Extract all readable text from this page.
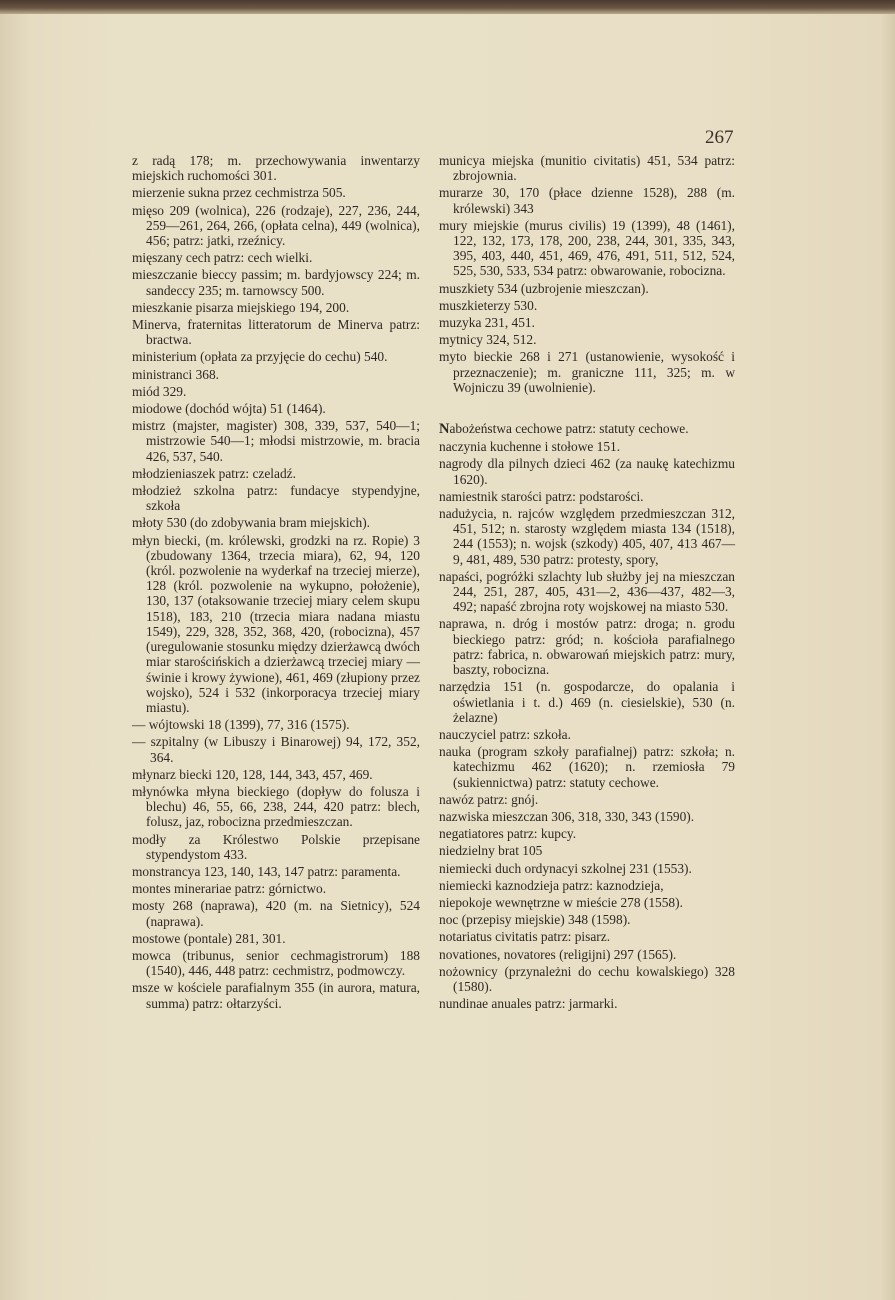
267
z radą 178; m. przechowywania inwentarzy miejskich ruchomości 301.
mierzenie sukna przez cechmistrza 505.
mięso 209 (wolnica), 226 (rodzaje), 227, 236, 244, 259—261, 264, 266, (opłata celna), 449 (wolnica), 456; patrz: jatki, rzeźnicy.
mięszany cech patrz: cech wielki.
mieszczanie bieccy passim; m. bardyjowscy 224; m. sandeccy 235; m. tarnowscy 500.
mieszkanie pisarza miejskiego 194, 200.
Minerva, fraternitas litteratorum de Minerva patrz: bractwa.
ministerium (opłata za przyjęcie do cechu) 540.
ministranci 368.
miód 329.
miodowe (dochód wójta) 51 (1464).
mistrz (majster, magister) 308, 339, 537, 540—1; mistrzowie 540—1; młodsi mistrzowie, m. bracia 426, 537, 540.
młodzieniaszek patrz: czeladź.
młodzież szkolna patrz: fundacye stypendyjne, szkoła
młoty 530 (do zdobywania bram miejskich).
młyn biecki, (m. królewski, grodzki na rz. Ropie) 3 (zbudowany 1364, trzecia miara), 62, 94, 120 (król. pozwolenie na wyderkaf na trzeciej mierze), 128 (król. pozwolenie na wykupno, położenie), 130, 137 (otaksowanie trzeciej miary celem skupu 1518), 183, 210 (trzecia miara nadana miastu 1549), 229, 328, 352, 368, 420, (robocizna), 457 (uregulowanie stosunku między dzierżawcą dwóch miar starościńskich a dzierżawcą trzeciej miary — świnie i krowy żywione), 461, 469 (złupiony przez wojsko), 524 i 532 (inkorporacya trzeciej miary miastu).
— wójtowski 18 (1399), 77, 316 (1575).
— szpitalny (w Libuszy i Binarowej) 94, 172, 352, 364.
młynarz biecki 120, 128, 144, 343, 457, 469.
młynówka młyna bieckiego (dopływ do folusza i blechu) 46, 55, 66, 238, 244, 420 patrz: blech, folusz, jaz, robocizna przedmieszczan.
modły za Królestwo Polskie przepisane stypendystom 433.
monstrancya 123, 140, 143, 147 patrz: paramenta.
montes minerariae patrz: górnictwo.
mosty 268 (naprawa), 420 (m. na Sietnicy), 524 (naprawa).
mostowe (pontale) 281, 301.
mowca (tribunus, senior cechmagistrorum) 188 (1540), 446, 448 patrz: cechmistrz, podmowczy.
msze w kościele parafialnym 355 (in aurora, matura, summa) patrz: ołtarzyści.
municya miejska (munitio civitatis) 451, 534 patrz: zbrojownia.
murarze 30, 170 (płace dzienne 1528), 288 (m. królewski) 343
mury miejskie (murus civilis) 19 (1399), 48 (1461), 122, 132, 173, 178, 200, 238, 244, 301, 335, 343, 395, 403, 440, 451, 469, 476, 491, 511, 512, 524, 525, 530, 533, 534 patrz: obwarowanie, robocizna.
muszkiety 534 (uzbrojenie mieszczan).
muszkieterzy 530.
muzyka 231, 451.
mytnicy 324, 512.
myto bieckie 268 i 271 (ustanowienie, wysokość i przeznaczenie); m. graniczne 111, 325; m. w Wojniczu 39 (uwolnienie).
Nabożeństwa cechowe patrz: statuty cechowe.
naczynia kuchenne i stołowe 151.
nagrody dla pilnych dzieci 462 (za naukę katechizmu 1620).
namiestnik starości patrz: podstarości.
nadużycia, n. rajców względem przedmieszczan 312, 451, 512; n. starosty względem miasta 134 (1518), 244 (1553); n. wojsk (szkody) 405, 407, 413 467—9, 481, 489, 530 patrz: protesty, spory,
napaści, pogróżki szlachty lub służby jej na mieszczan 244, 251, 287, 405, 431—2, 436—437, 482—3, 492; napaść zbrojna roty wojskowej na miasto 530.
naprawa, n. dróg i mostów patrz: droga; n. grodu bieckiego patrz: gród; n. kościoła parafialnego patrz: fabrica, n. obwarowań miejskich patrz: mury, baszty, robocizna.
narzędzia 151 (n. gospodarcze, do opalania i oświetlania i t. d.) 469 (n. ciesielskie), 530 (n. żelazne)
nauczyciel patrz: szkoła.
nauka (program szkoły parafialnej) patrz: szkoła; n. katechizmu 462 (1620); n. rzemiosła 79 (sukiennictwa) patrz: statuty cechowe.
nawóz patrz: gnój.
nazwiska mieszczan 306, 318, 330, 343 (1590).
negatiatores patrz: kupcy.
niedzielny brat 105
niemiecki duch ordynacyi szkolnej 231 (1553).
niemiecki kaznodzieja patrz: kaznodzieja,
niepokoje wewnętrzne w mieście 278 (1558).
noc (przepisy miejskie) 348 (1598).
notariatus civitatis patrz: pisarz.
novationes, novatores (religijni) 297 (1565).
nożownicy (przynależni do cechu kowalskiego) 328 (1580).
nundinae anuales patrz: jarmarki.
